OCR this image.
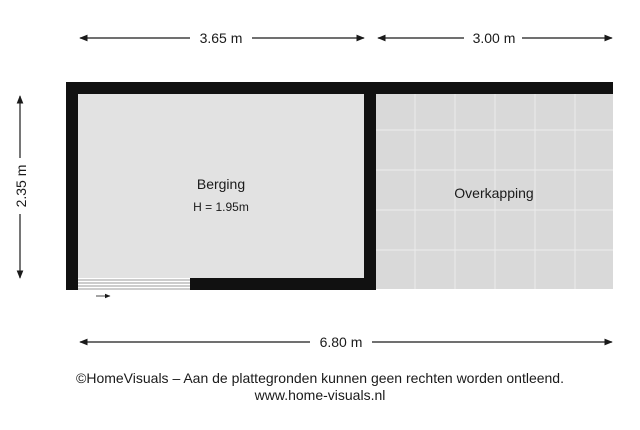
3.65 m	3.00 m
2.35 m	Berging
H = 1.95m
Overkapping
6.80 m
©HomeVisuals – Aan de plattegronden kunnen geen rechten worden ontleend.
www.home-visuals.nl
